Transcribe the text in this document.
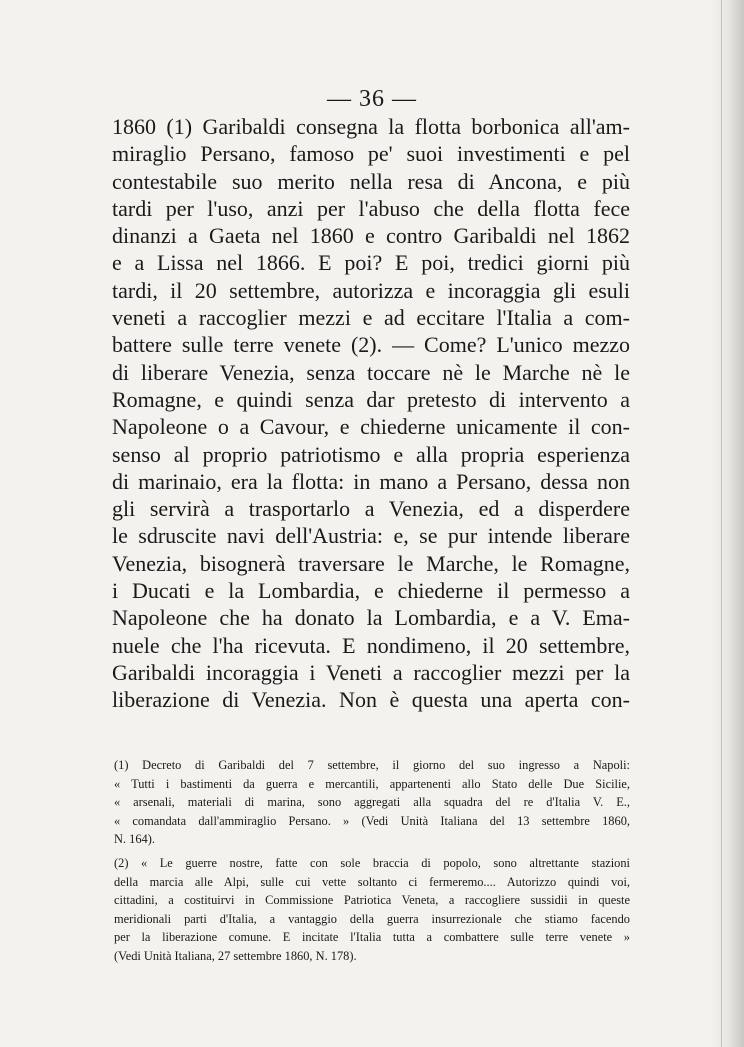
— 36 —
1860 (1) Garibaldi consegna la flotta borbonica all'am-
miraglio Persano, famoso pe' suoi investimenti e pel
contestabile suo merito nella resa di Ancona, e più
tardi per l'uso, anzi per l'abuso che della flotta fece
dinanzi a Gaeta nel 1860 e contro Garibaldi nel 1862
e a Lissa nel 1866. E poi? E poi, tredici giorni più
tardi, il 20 settembre, autorizza e incoraggia gli esuli
veneti a raccoglier mezzi e ad eccitare l'Italia a com-
battere sulle terre venete (2). — Come? L'unico mezzo
di liberare Venezia, senza toccare nè le Marche nè le
Romagne, e quindi senza dar pretesto di intervento a
Napoleone o a Cavour, e chiederne unicamente il con-
senso al proprio patriotismo e alla propria esperienza
di marinaio, era la flotta: in mano a Persano, dessa non
gli servirà a trasportarlo a Venezia, ed a disperdere
le sdruscite navi dell'Austria: e, se pur intende liberare
Venezia, bisognerà traversare le Marche, le Romagne,
i Ducati e la Lombardia, e chiederne il permesso a
Napoleone che ha donato la Lombardia, e a V. Ema-
nuele che l'ha ricevuta. E nondimeno, il 20 settembre,
Garibaldi incoraggia i Veneti a raccoglier mezzi per la
liberazione di Venezia. Non è questa una aperta con-
(1) Decreto di Garibaldi del 7 settembre, il giorno del suo ingresso a Napoli:
« Tutti i bastimenti da guerra e mercantili, appartenenti allo Stato delle Due Sicilie,
« arsenali, materiali di marina, sono aggregati alla squadra del re d'Italia V. E.,
« comandata dall'ammiraglio Persano. » (Vedi Unità Italiana del 13 settembre 1860,
N. 164).
(2) « Le guerre nostre, fatte con sole braccia di popolo, sono altrettante stazioni
della marcia alle Alpi, sulle cui vette soltanto ci fermeremo.... Autorizzo quindi voi,
cittadini, a costituirvi in Commissione Patriotica Veneta, a raccogliere sussidii in queste
meridionali parti d'Italia, a vantaggio della guerra insurrezionale che stiamo facendo
per la liberazione comune. E incitate l'Italia tutta a combattere sulle terre venete »
(Vedi Unità Italiana, 27 settembre 1860, N. 178).
